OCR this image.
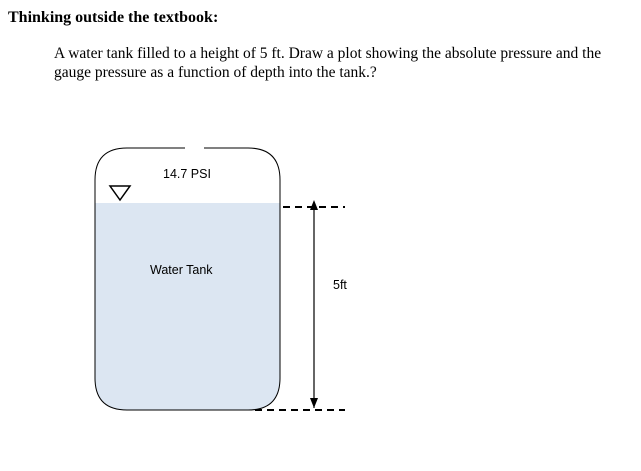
Thinking outside the textbook:
A water tank filled to a height of 5 ft. Draw a plot showing the absolute pressure and the gauge pressure as a function of depth into the tank.?
14.7 PSI
Water Tank
5ft
